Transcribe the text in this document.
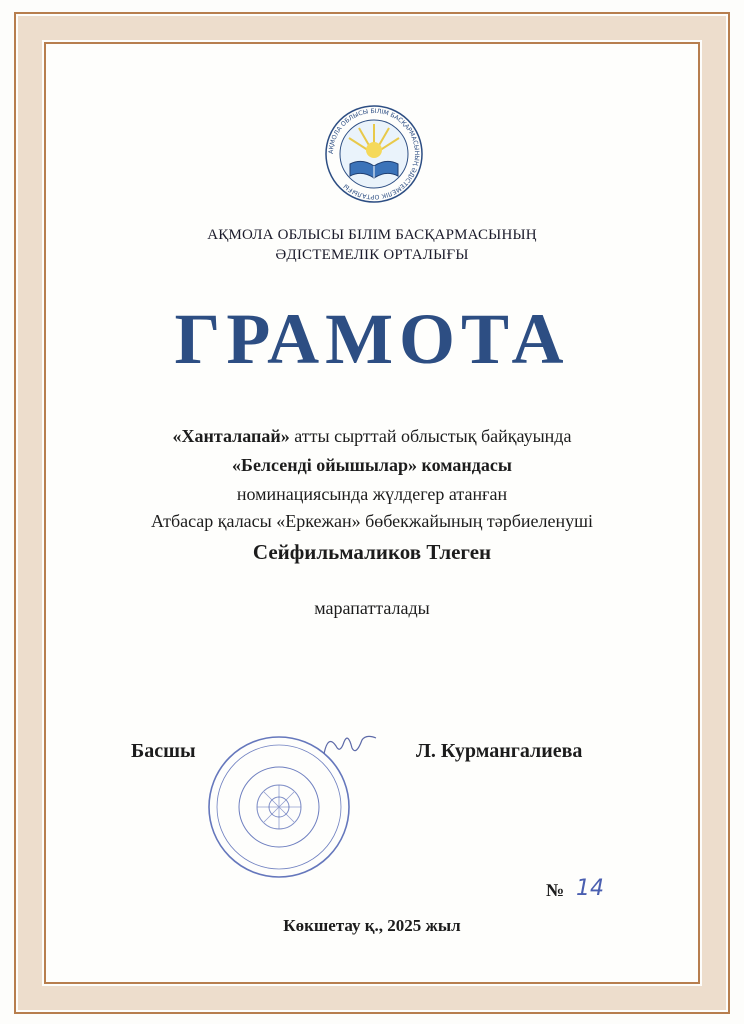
АҚМОЛА ОБЛЫСЫ БІЛІМ БАСҚАРМАСЫНЫҢ ӘДІСТЕМЕЛІК ОРТАЛЫҒЫ
АҚМОЛА ОБЛЫСЫ БІЛІМ БАСҚАРМАСЫНЫҢ
ӘДІСТЕМЕЛІК ОРТАЛЫҒЫ
ГРАМОТА
«Ханталапай» атты сырттай облыстық байқауында
«Белсенді ойышылар» командасы
номинациясында жүлдегер атанған
Атбасар қаласы «Еркежан» бөбекжайының тәрбиеленуші
Сейфильмаликов Тлеген
марапатталады
Басшы	Л. Курмангалиева
№ 14
Көкшетау қ., 2025 жыл
